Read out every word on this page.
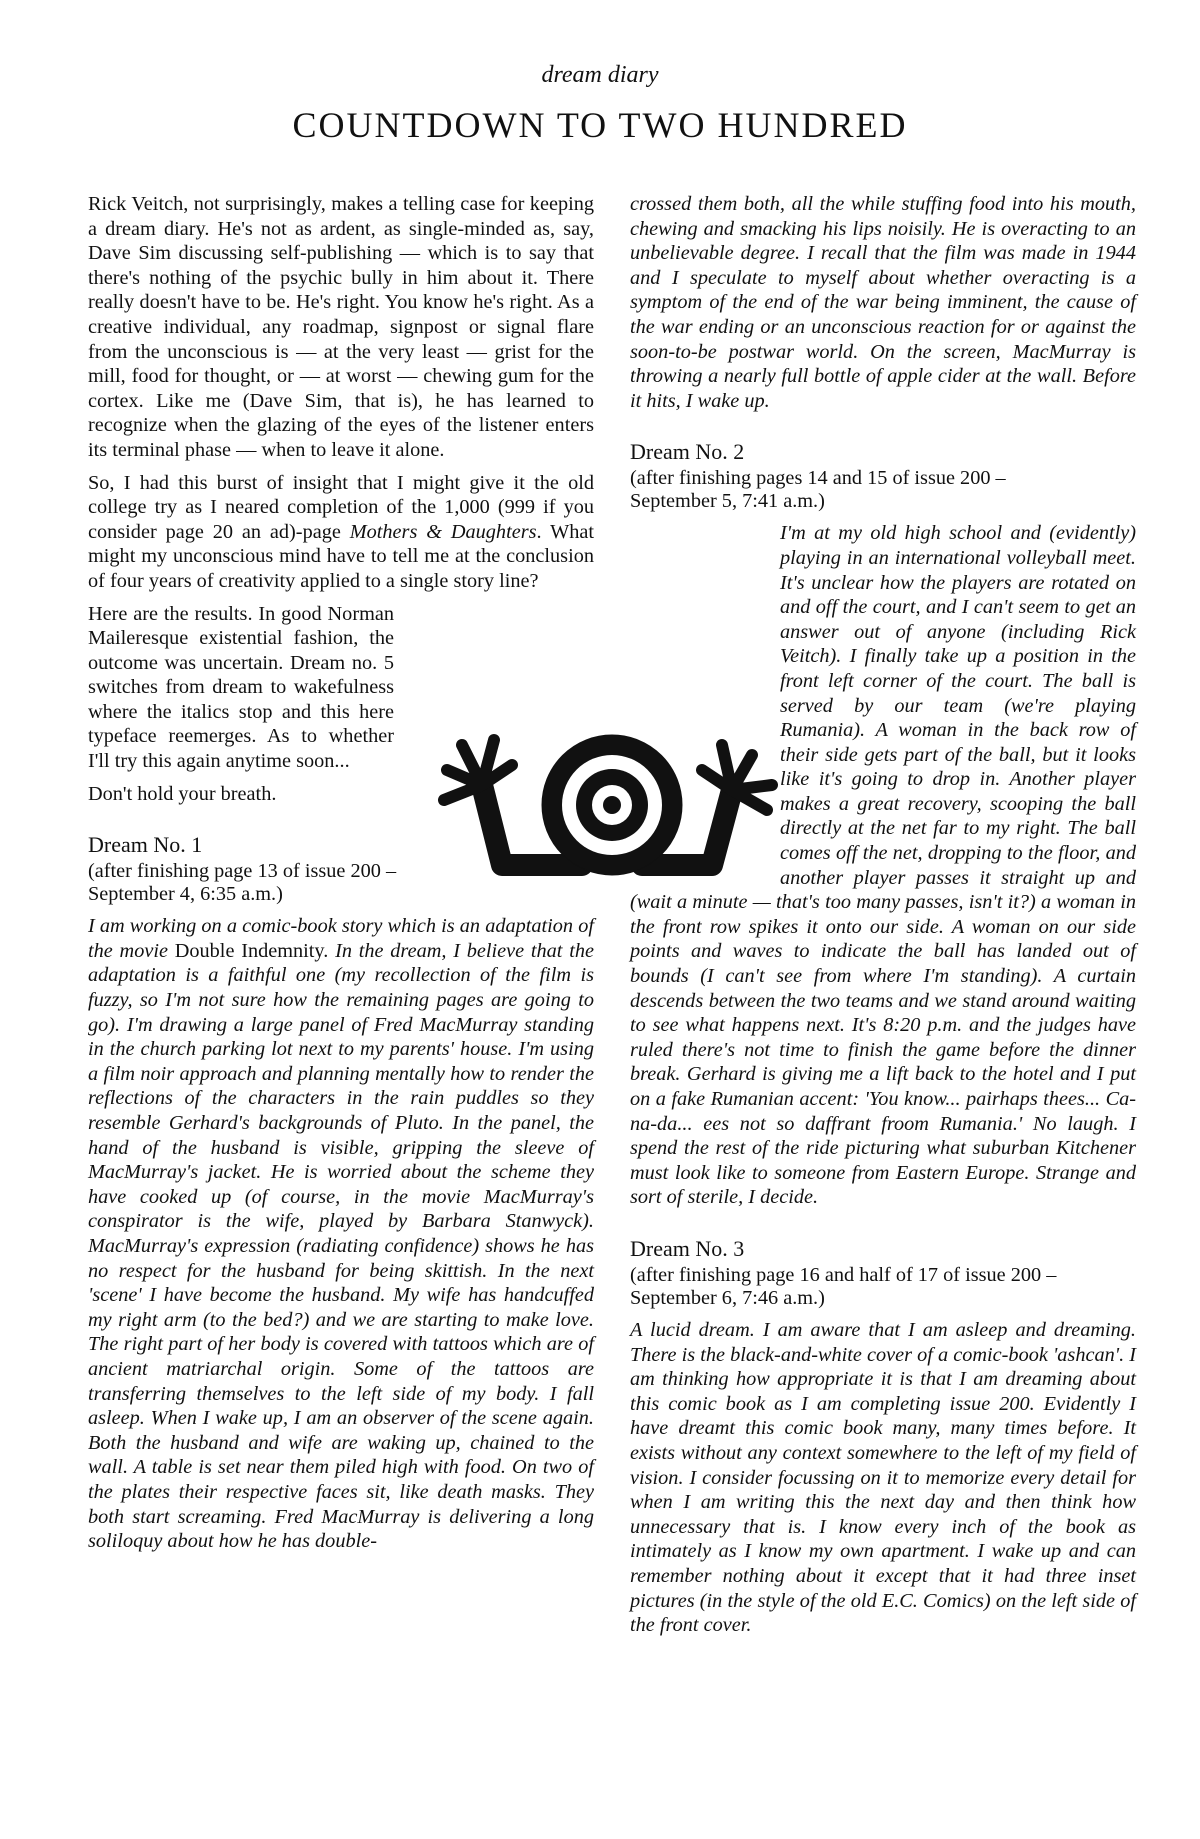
dream diary
COUNTDOWN TO TWO HUNDRED

Rick Veitch, not surprisingly, makes a telling case for keeping a dream diary. He's not as ardent, as single-minded as, say, Dave Sim discussing self-publishing — which is to say that there's nothing of the psychic bully in him about it. There really doesn't have to be. He's right. You know he's right. As a creative individual, any roadmap, signpost or signal flare from the unconscious is — at the very least — grist for the mill, food for thought, or — at worst — chewing gum for the cortex. Like me (Dave Sim, that is), he has learned to recognize when the glazing of the eyes of the listener enters its terminal phase — when to leave it alone.

So, I had this burst of insight that I might give it the old college try as I neared completion of the 1,000 (999 if you consider page 20 an ad)-page Mothers & Daughters. What might my unconscious mind have to tell me at the conclusion of four years of creativity applied to a single story line?

Here are the results. In good Norman Maileresque existential fashion, the outcome was uncertain. Dream no. 5 switches from dream to wakefulness where the italics stop and this here typeface reemerges. As to whether I'll try this again anytime soon...

Don't hold your breath.

Dream No. 1
(after finishing page 13 of issue 200 –
September 4, 6:35 a.m.)

I am working on a comic-book story which is an adaptation of the movie Double Indemnity. In the dream, I believe that the adaptation is a faithful one (my recollection of the film is fuzzy, so I'm not sure how the remaining pages are going to go). I'm drawing a large panel of Fred MacMurray standing in the church parking lot next to my parents' house. I'm using a film noir approach and planning mentally how to render the reflections of the characters in the rain puddles so they resemble Gerhard's backgrounds of Pluto. In the panel, the hand of the husband is visible, gripping the sleeve of MacMurray's jacket. He is worried about the scheme they have cooked up (of course, in the movie MacMurray's conspirator is the wife, played by Barbara Stanwyck). MacMurray's expression (radiating confidence) shows he has no respect for the husband for being skittish. In the next 'scene' I have become the husband. My wife has handcuffed my right arm (to the bed?) and we are starting to make love. The right part of her body is covered with tattoos which are of ancient matriarchal origin. Some of the tattoos are transferring themselves to the left side of my body. I fall asleep. When I wake up, I am an observer of the scene again. Both the husband and wife are waking up, chained to the wall. A table is set near them piled high with food. On two of the plates their respective faces sit, like death masks. They both start screaming. Fred MacMurray is delivering a long soliloquy about how he has double-

crossed them both, all the while stuffing food into his mouth, chewing and smacking his lips noisily. He is overacting to an unbelievable degree. I recall that the film was made in 1944 and I speculate to myself about whether overacting is a symptom of the end of the war being imminent, the cause of the war ending or an unconscious reaction for or against the soon-to-be postwar world. On the screen, MacMurray is throwing a nearly full bottle of apple cider at the wall. Before it hits, I wake up.

Dream No. 2
(after finishing pages 14 and 15 of issue 200 –
September 5, 7:41 a.m.)

I'm at my old high school and (evidently) playing in an international volleyball meet. It's unclear how the players are rotated on and off the court, and I can't seem to get an answer out of anyone (including Rick Veitch). I finally take up a position in the front left corner of the court. The ball is served by our team (we're playing Rumania). A woman in the back row of their side gets part of the ball, but it looks like it's going to drop in. Another player makes a great recovery, scooping the ball directly at the net far to my right. The ball comes off the net, dropping to the floor, and another player passes it straight up and (wait a minute — that's too many passes, isn't it?) a woman in the front row spikes it onto our side. A woman on our side points and waves to indicate the ball has landed out of bounds (I can't see from where I'm standing). A curtain descends between the two teams and we stand around waiting to see what happens next. It's 8:20 p.m. and the judges have ruled there's not time to finish the game before the dinner break. Gerhard is giving me a lift back to the hotel and I put on a fake Rumanian accent: 'You know... pairhaps thees... Ca-na-da... ees not so daffrant froom Rumania.' No laugh. I spend the rest of the ride picturing what suburban Kitchener must look like to someone from Eastern Europe. Strange and sort of sterile, I decide.

Dream No. 3
(after finishing page 16 and half of 17 of issue 200 –
September 6, 7:46 a.m.)

A lucid dream. I am aware that I am asleep and dreaming. There is the black-and-white cover of a comic-book 'ashcan'. I am thinking how appropriate it is that I am dreaming about this comic book as I am completing issue 200. Evidently I have dreamt this comic book many, many times before. It exists without any context somewhere to the left of my field of vision. I consider focussing on it to memorize every detail for when I am writing this the next day and then think how unnecessary that is. I know every inch of the book as intimately as I know my own apartment. I wake up and can remember nothing about it except that it had three inset pictures (in the style of the old E.C. Comics) on the left side of the front cover.
